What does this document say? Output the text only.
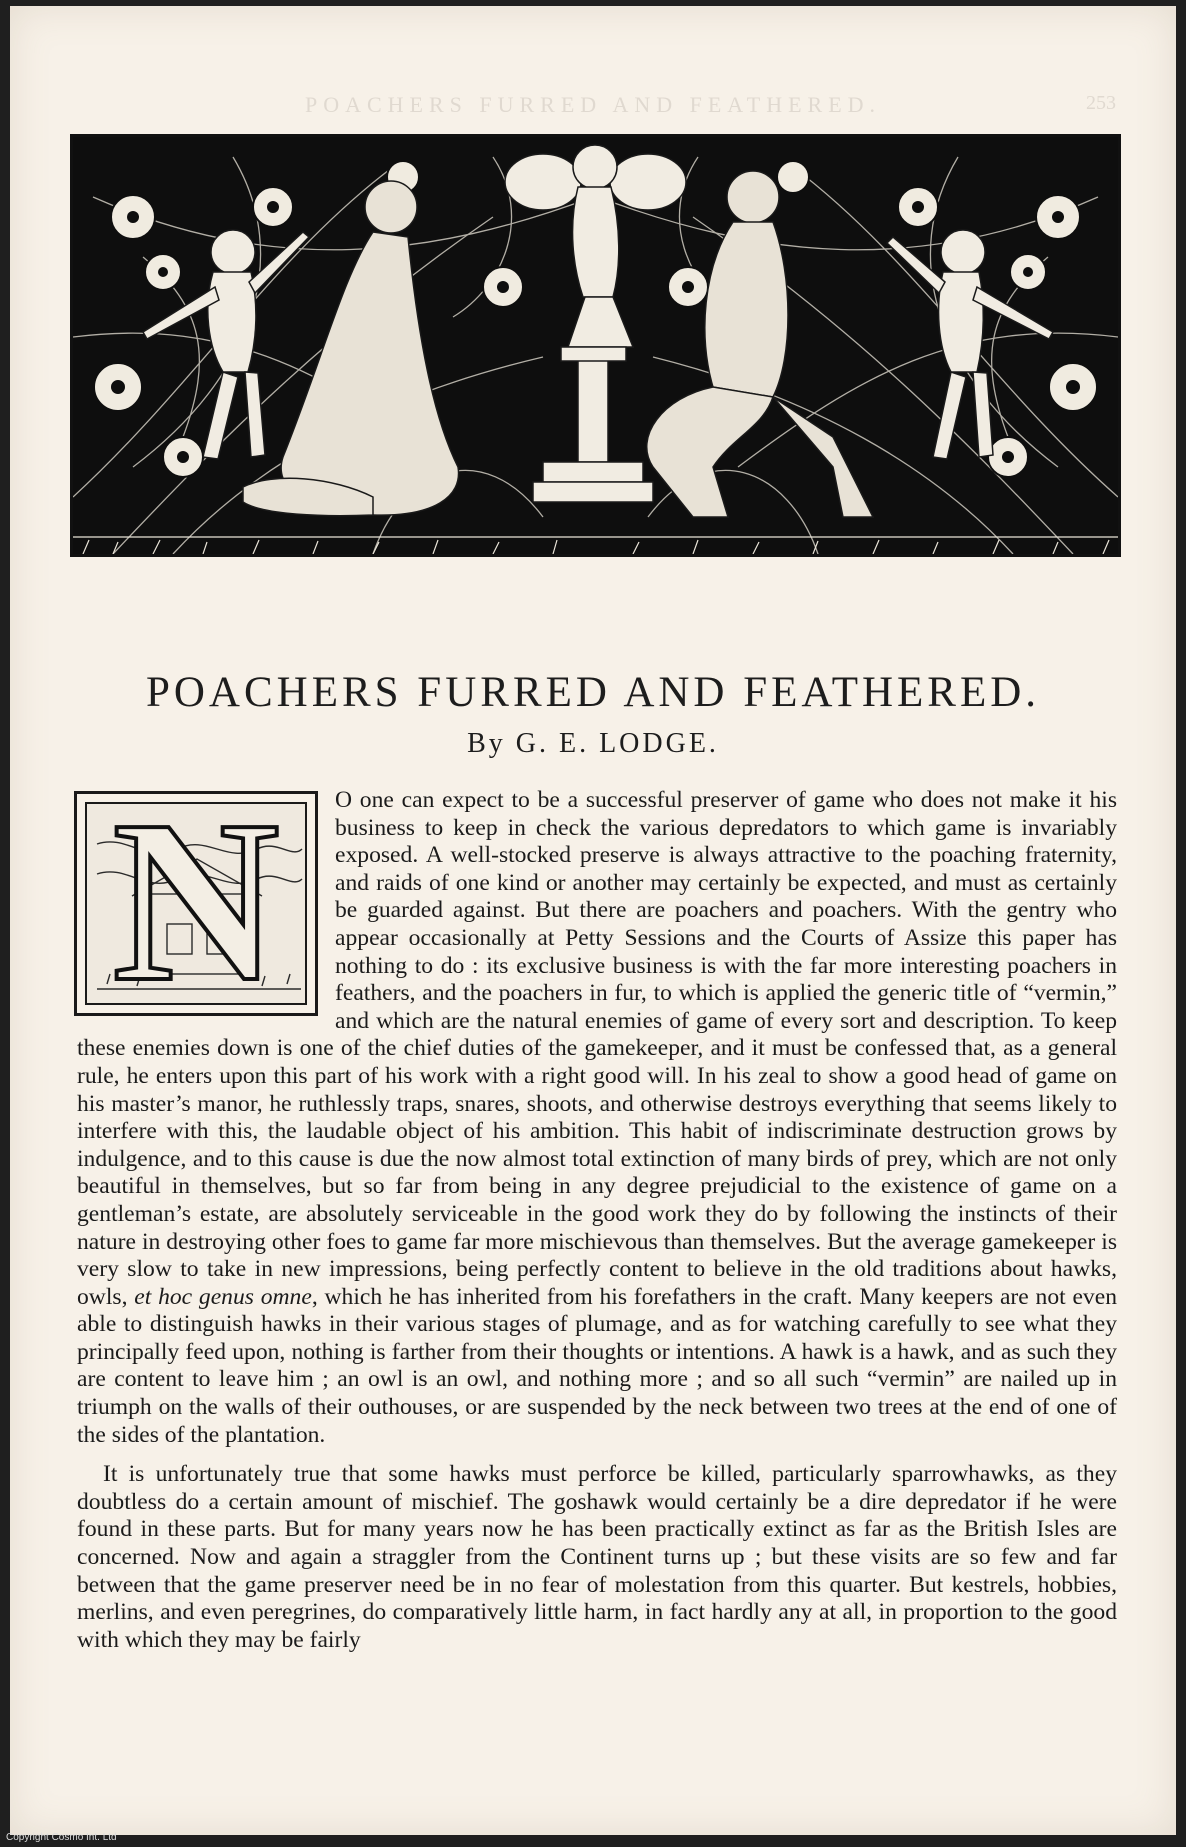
POACHERS FURRED AND FEATHERED.	253
POACHERS FURRED AND FEATHERED.
By G. E. LODGE.
N	O one can expect to be a successful preserver of game who does not make it his business to keep in check the various depredators to which game is invariably exposed. A well-stocked preserve is always attractive to the poaching fraternity, and raids of one kind or another may certainly be expected, and must as certainly be guarded against. But there are poachers and poachers. With the gentry who appear occasionally at Petty Sessions and the Courts of Assize this paper has nothing to do : its exclusive business is with the far more interesting poachers in feathers, and the poachers in fur, to which is applied the generic title of “vermin,” and which are the natural enemies of game of every sort and description. To keep these enemies down is one of the chief duties of the gamekeeper, and it must be confessed that, as a general rule, he enters upon this part of his work with a right good will. In his zeal to show a good head of game on his master’s manor, he ruthlessly traps, snares, shoots, and otherwise destroys everything that seems likely to interfere with this, the laudable object of his ambition. This habit of indiscriminate destruction grows by indulgence, and to this cause is due the now almost total extinction of many birds of prey, which are not only beautiful in themselves, but so far from being in any degree prejudicial to the existence of game on a gentleman’s estate, are absolutely serviceable in the good work they do by following the instincts of their nature in destroying other foes to game far more mischievous than themselves. But the average gamekeeper is very slow to take in new impressions, being perfectly content to believe in the old traditions about hawks, owls, et hoc genus omne, which he has inherited from his forefathers in the craft. Many keepers are not even able to distinguish hawks in their various stages of plumage, and as for watching carefully to see what they principally feed upon, nothing is farther from their thoughts or intentions. A hawk is a hawk, and as such they are content to leave him ; an owl is an owl, and nothing more ; and so all such “vermin” are nailed up in triumph on the walls of their outhouses, or are suspended by the neck between two trees at the end of one of the sides of the plantation.

It is unfortunately true that some hawks must perforce be killed, particularly sparrowhawks, as they doubtless do a certain amount of mischief. The goshawk would certainly be a dire depredator if he were found in these parts. But for many years now he has been practically extinct as far as the British Isles are concerned. Now and again a straggler from the Continent turns up ; but these visits are so few and far between that the game preserver need be in no fear of molestation from this quarter. But kestrels, hobbies, merlins, and even peregrines, do comparatively little harm, in fact hardly any at all, in proportion to the good with which they may be fairly

Copyright Cosmo Int. Ltd
